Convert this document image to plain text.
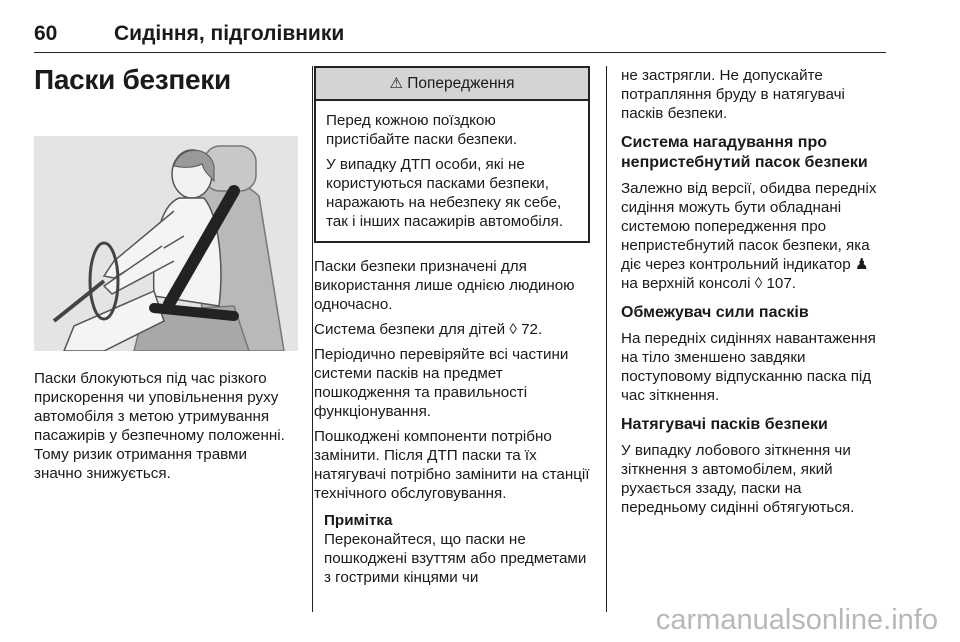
60	Сидіння, підголівники
Паски безпеки

Паски блокуються під час різкого прискорення чи уповільнення руху автомобіля з метою утримування пасажирів у безпечному положенні. Тому ризик отримання травми значно знижується.

⚠ Попередження

Перед кожною поїздкою пристібайте паски безпеки.

У випадку ДТП особи, які не користуються пасками безпеки, наражають на небезпеку як себе, так і інших пасажирів автомобіля.

Паски безпеки призначені для використання лише однією людиною одночасно.

Система безпеки для дітей ◊ 72.

Періодично перевіряйте всі частини системи пасків на предмет пошкодження та правильності функціонування.

Пошкоджені компоненти потрібно замінити. Після ДТП паски та їх натягувачі потрібно замінити на станції технічного обслуговування.

Примітка

Переконайтеся, що паски не пошкоджені взуттям або предметами з гострими кінцями чи

не застрягли. Не допускайте потрапляння бруду в натягувачі пасків безпеки.

Система нагадування про непристебнутий пасок безпеки

Залежно від версії, обидва передніх сидіння можуть бути обладнані системою попередження про непристебнутий пасок безпеки, яка діє через контрольний індикатор ♟ на верхній консолі ◊ 107.

Обмежувач сили пасків

На передніх сидіннях навантаження на тіло зменшено завдяки поступовому відпусканню паска під час зіткнення.

Натягувачі пасків безпеки

У випадку лобового зіткнення чи зіткнення з автомобілем, який рухається ззаду, паски на передньому сидінні обтягуються.

carmanualsonline.info
